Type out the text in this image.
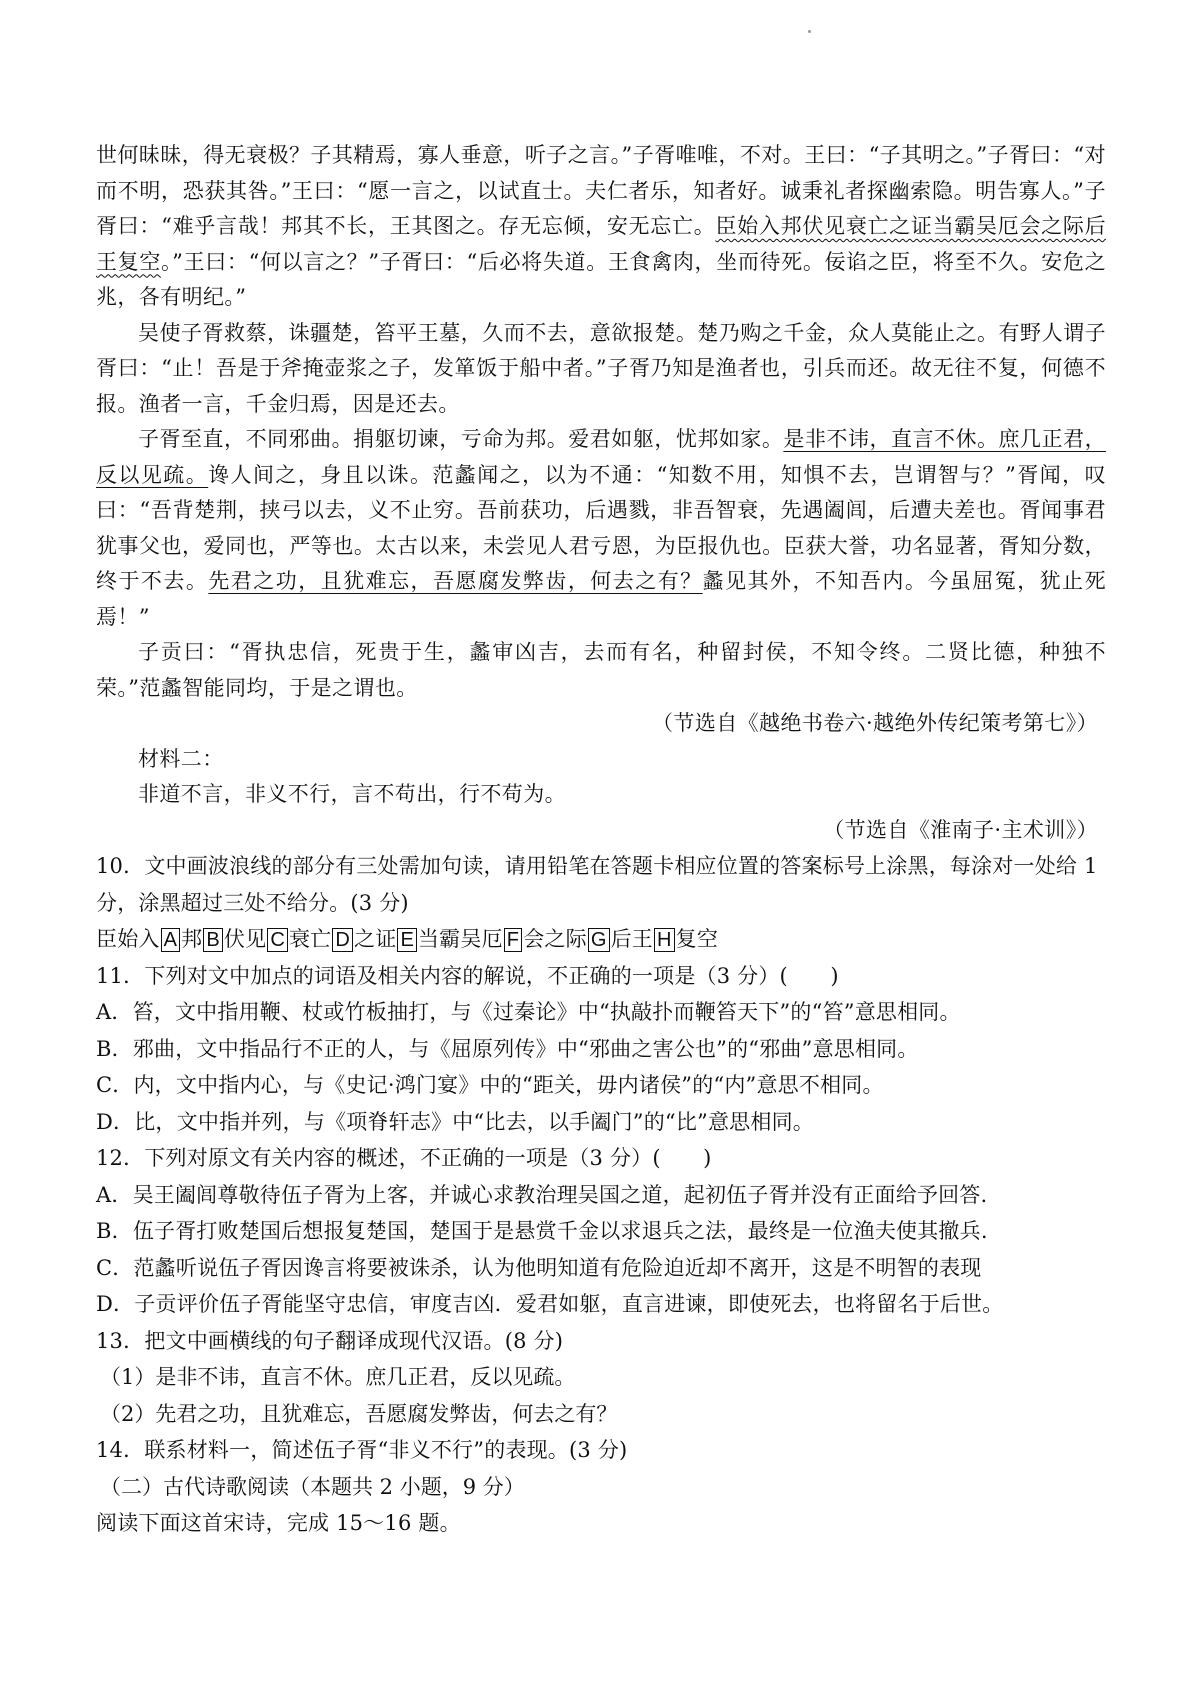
世何昧昧，得无衰极？子其精焉，寡人垂意，听子之言。”子胥唯唯，不对。王曰：“子其明之。”子胥曰：“对而不明，恐获其咎。”王曰：“愿一言之，以试直士。夫仁者乐，知者好。诚秉礼者探幽索隐。明告寡人。”子胥曰：“难乎言哉！邦其不长，王其图之。存无忘倾，安无忘亡。臣始入邦伏见衰亡之证当霸吴厄会之际后王复空。”王曰：“何以言之？”子胥曰：“后必将失道。王食禽肉，坐而待死。佞谄之臣，将至不久。安危之兆，各有明纪。”

吴使子胥救蔡，诛疆楚，笞平王墓，久而不去，意欲报楚。楚乃购之千金，众人莫能止之。有野人谓子胥曰：“止！吾是于斧掩壶浆之子，发箪饭于船中者。”子胥乃知是渔者也，引兵而还。故无往不复，何德不报。渔者一言，千金归焉，因是还去。

子胥至直，不同邪曲。捐躯切谏，亏命为邦。爱君如躯，忧邦如家。是非不讳，直言不休。庶几正君，反以见疏。谗人间之，身且以诛。范蠡闻之，以为不通：“知数不用，知惧不去，岂谓智与？”胥闻，叹曰：“吾背楚荆，挟弓以去，义不止穷。吾前获功，后遇戮，非吾智衰，先遇阖闾，后遭夫差也。胥闻事君犹事父也，爱同也，严等也。太古以来，未尝见人君亏恩，为臣报仇也。臣获大誉，功名显著，胥知分数，终于不去。先君之功，且犹难忘，吾愿腐发弊齿，何去之有？蠡见其外，不知吾内。今虽屈冤，犹止死焉！”

子贡曰：“胥执忠信，死贵于生，蠡审凶吉，去而有名，种留封侯，不知令终。二贤比德，种独不荣。”范蠡智能同均，于是之谓也。

（节选自《越绝书卷六·越绝外传纪策考第七》）

材料二：

非道不言，非义不行，言不苟出，行不苟为。

（节选自《淮南子·主术训》）

10．文中画波浪线的部分有三处需加句读，请用铅笔在答题卡相应位置的答案标号上涂黑，每涂对一处给 1 分，涂黑超过三处不给分。(3 分)

臣始入 A 邦 B 伏见 C 衰亡 D 之证 E 当霸吴厄 F 会之际 G 后王 H 复空

11．下列对文中加点的词语及相关内容的解说，不正确的一项是（3 分）(　　)

A．笞，文中指用鞭、杖或竹板抽打，与《过秦论》中“执敲扑而鞭笞天下”的“笞”意思相同。

B．邪曲，文中指品行不正的人，与《屈原列传》中“邪曲之害公也”的“邪曲”意思相同。

C．内，文中指内心，与《史记·鸿门宴》中的“距关，毋内诸侯”的“内”意思不相同。

D．比，文中指并列，与《项脊轩志》中“比去，以手阖门”的“比”意思相同。

12．下列对原文有关内容的概述，不正确的一项是（3 分）(　　)

A．吴王阖闾尊敬待伍子胥为上客，并诚心求教治理吴国之道，起初伍子胥并没有正面给予回答.

B．伍子胥打败楚国后想报复楚国，楚国于是悬赏千金以求退兵之法，最终是一位渔夫使其撤兵.

C．范蠡听说伍子胥因谗言将要被诛杀，认为他明知道有危险迫近却不离开，这是不明智的表现

D．子贡评价伍子胥能坚守忠信，审度吉凶．爱君如躯，直言进谏，即使死去，也将留名于后世。

13．把文中画横线的句子翻译成现代汉语。(8 分)

（1）是非不讳，直言不休。庶几正君，反以见疏。

（2）先君之功，且犹难忘，吾愿腐发弊齿，何去之有？

14．联系材料一，简述伍子胥“非义不行”的表现。(3 分)

（二）古代诗歌阅读（本题共 2 小题，9 分）

阅读下面这首宋诗，完成 15～16 题。
